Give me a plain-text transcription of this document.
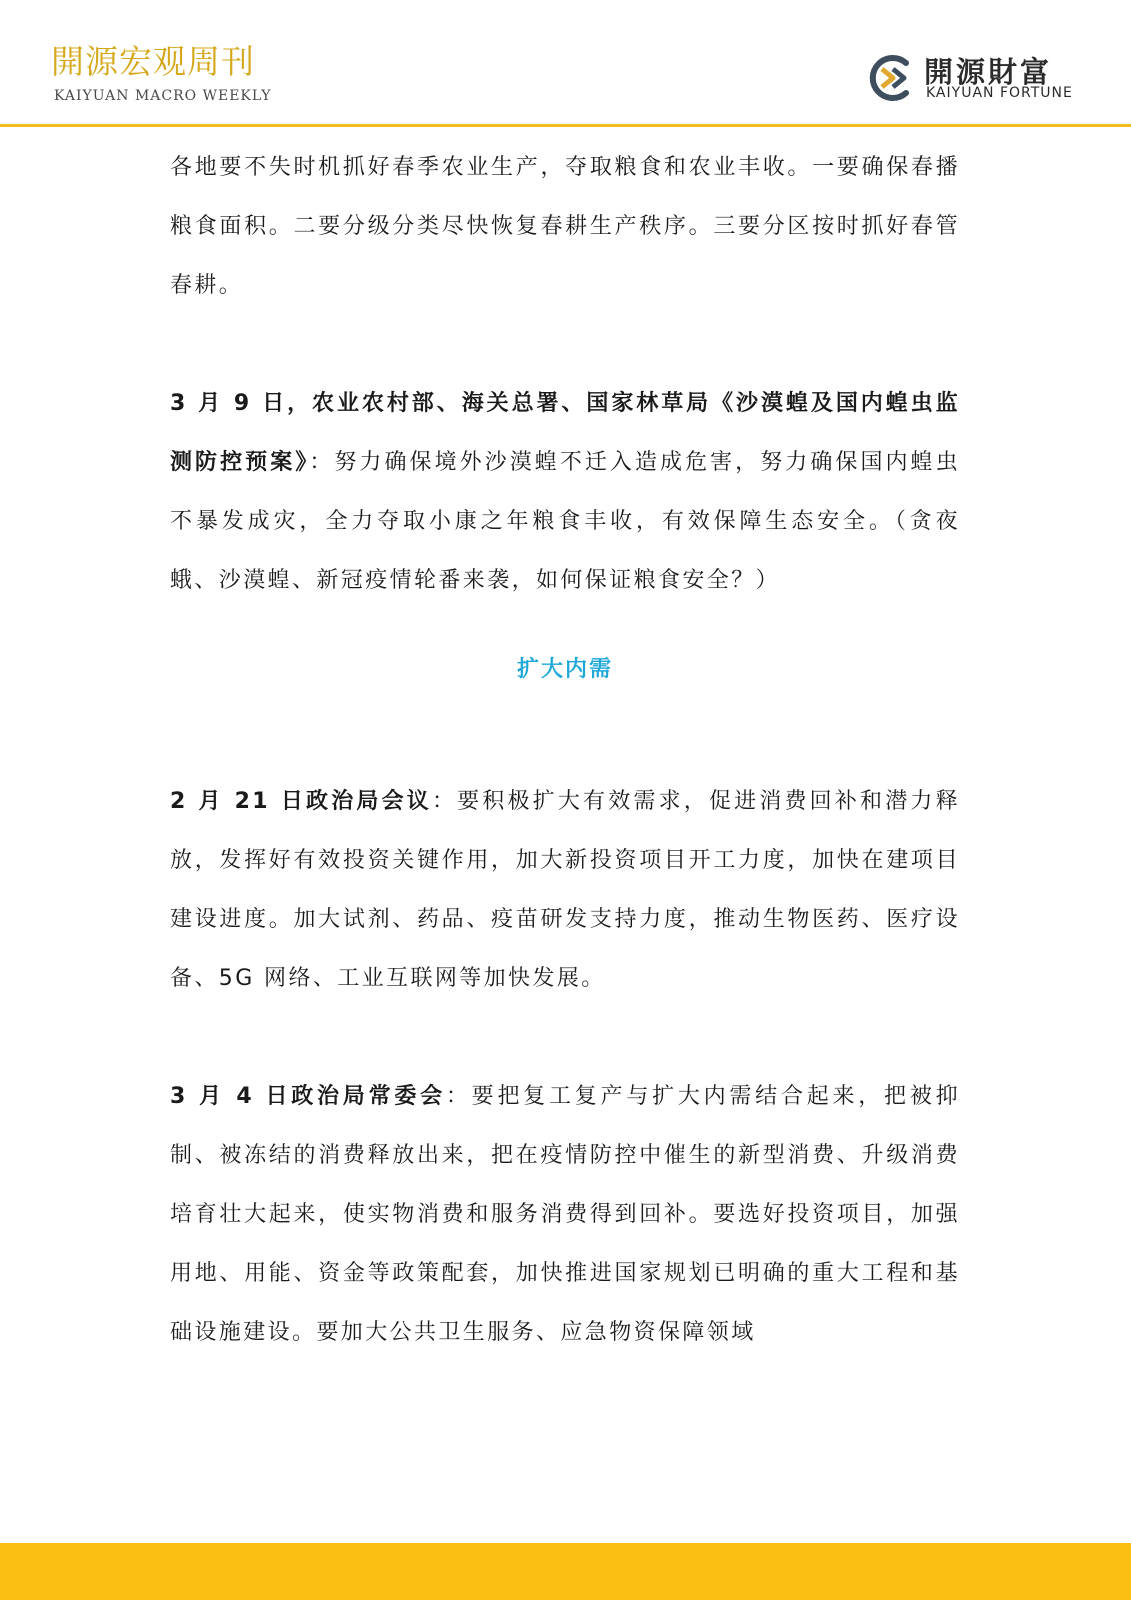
開源宏观周刊
KAIYUAN MACRO WEEKLY
開源財富
KAIYUAN FORTUNE

各地要不失时机抓好春季农业生产，夺取粮食和农业丰收。一要确保春播粮食面积。二要分级分类尽快恢复春耕生产秩序。三要分区按时抓好春管春耕。

3 月 9 日，农业农村部、海关总署、国家林草局《沙漠蝗及国内蝗虫监测防控预案》：努力确保境外沙漠蝗不迁入造成危害，努力确保国内蝗虫不暴发成灾，全力夺取小康之年粮食丰收，有效保障生态安全。（贪夜蛾、沙漠蝗、新冠疫情轮番来袭，如何保证粮食安全？）

扩大内需

2 月 21 日政治局会议：要积极扩大有效需求，促进消费回补和潜力释放，发挥好有效投资关键作用，加大新投资项目开工力度，加快在建项目建设进度。加大试剂、药品、疫苗研发支持力度，推动生物医药、医疗设备、5G 网络、工业互联网等加快发展。

3 月 4 日政治局常委会：要把复工复产与扩大内需结合起来，把被抑制、被冻结的消费释放出来，把在疫情防控中催生的新型消费、升级消费培育壮大起来，使实物消费和服务消费得到回补。要选好投资项目，加强用地、用能、资金等政策配套，加快推进国家规划已明确的重大工程和基础设施建设。要加大公共卫生服务、应急物资保障领域
